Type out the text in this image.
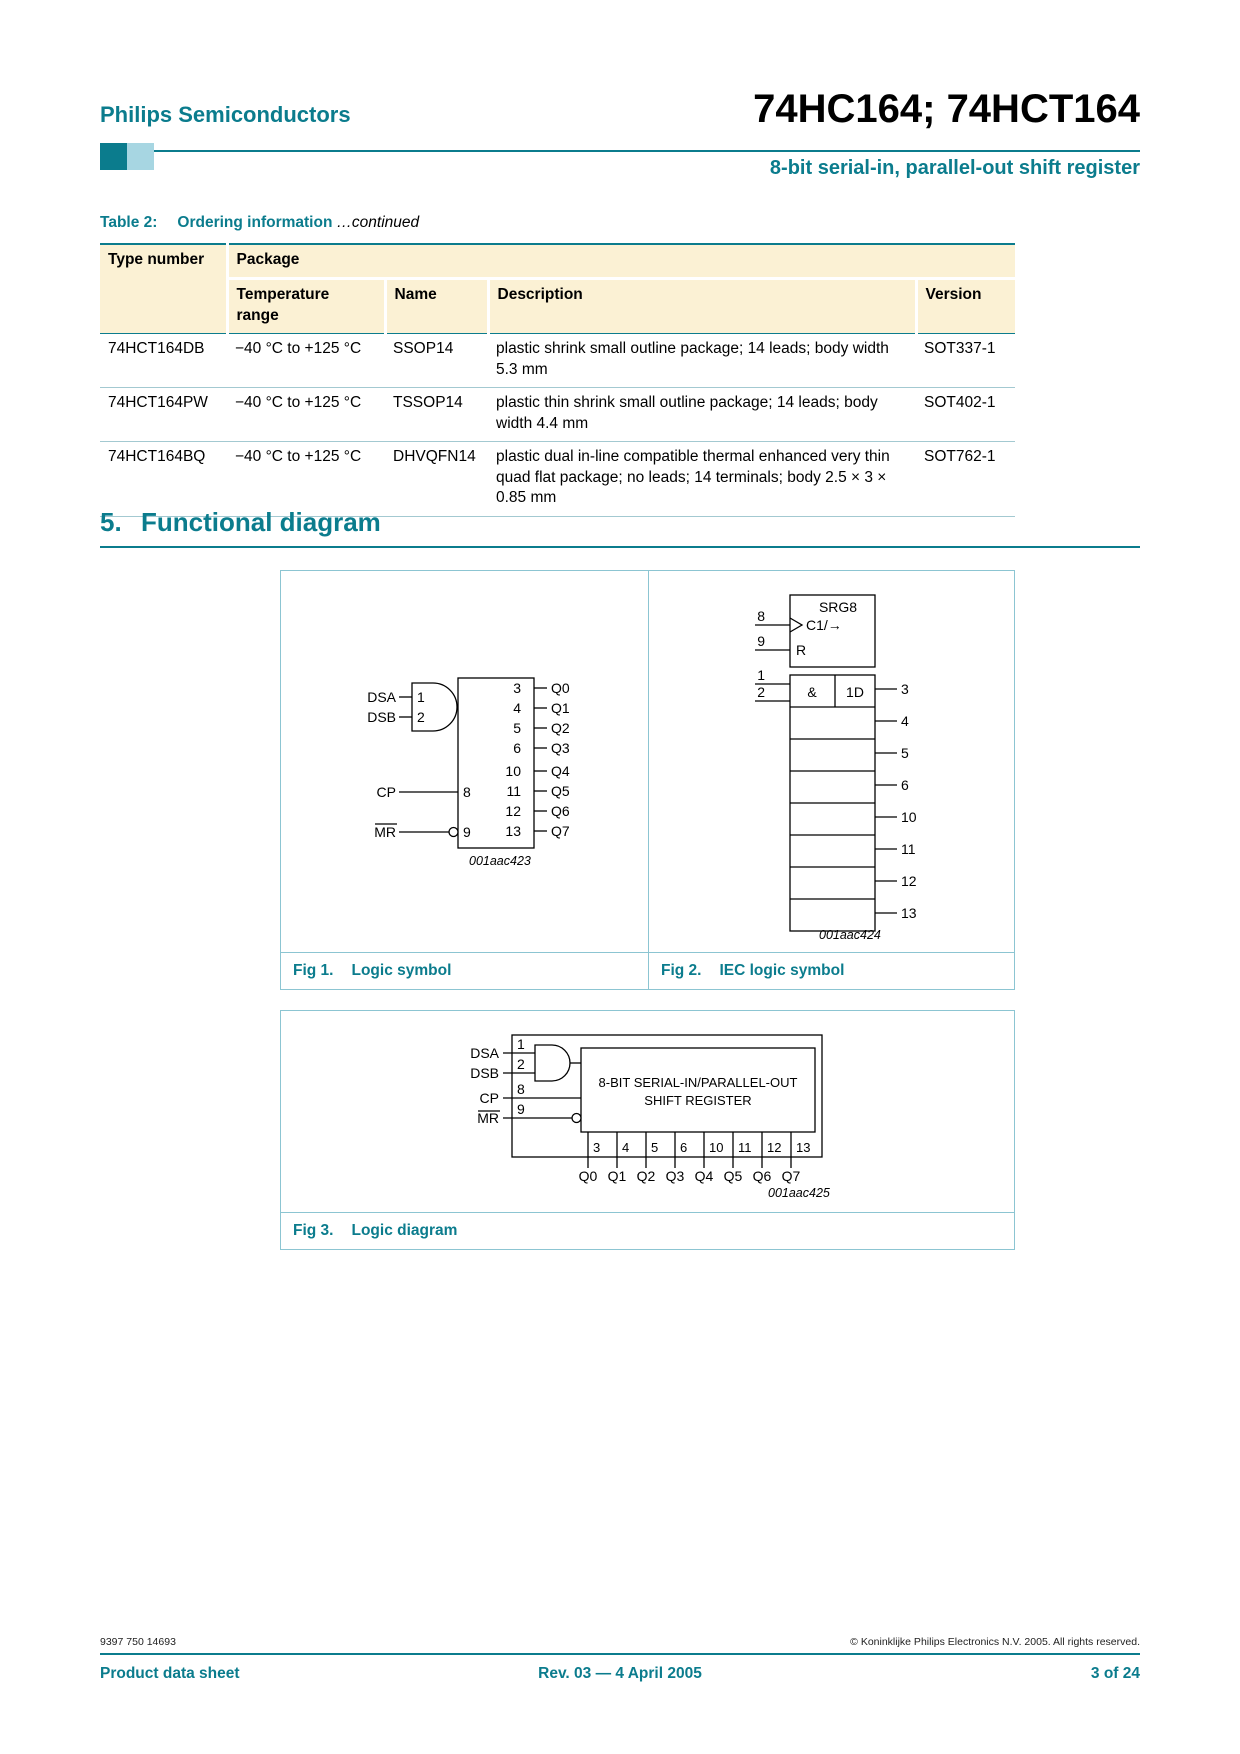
Philips Semiconductors	74HC164; 74HCT164
8-bit serial-in, parallel-out shift register
Table 2: Ordering information …continued
Type number	Package			
	Temperature range	Name	Description	Version
74HCT164DB	−40 °C to +125 °C	SSOP14	plastic shrink small outline package; 14 leads; body width 5.3 mm	SOT337-1
74HCT164PW	−40 °C to +125 °C	TSSOP14	plastic thin shrink small outline package; 14 leads; body width 4.4 mm	SOT402-1
74HCT164BQ	−40 °C to +125 °C	DHVQFN14	plastic dual in-line compatible thermal enhanced very thin quad flat package; no leads; 14 terminals; body 2.5 × 3 × 0.85 mm	SOT762-1
5. Functional diagram
DSA
DSB
CP
MR
1
2
8
9
3 Q0
4 Q1
5 Q2
6 Q3
10 Q4
11 Q5
12 Q6
13 Q7
001aac423
Fig 1. Logic symbol
SRG8
C1/→
R
8
9
1
2	& 1D	3
4
5
6
10
11
12
13
001aac424
Fig 2. IEC logic symbol
DSA
DSB
CP
MR
1
2
8
9
8-BIT SERIAL-IN/PARALLEL-OUT
SHIFT REGISTER
3 4 5 6 10 11 12 13
Q0 Q1 Q2 Q3 Q4 Q5 Q6 Q7
001aac425
Fig 3. Logic diagram
9397 750 14693	© Koninklijke Philips Electronics N.V. 2005. All rights reserved.
Product data sheet	Rev. 03 — 4 April 2005	3 of 24
